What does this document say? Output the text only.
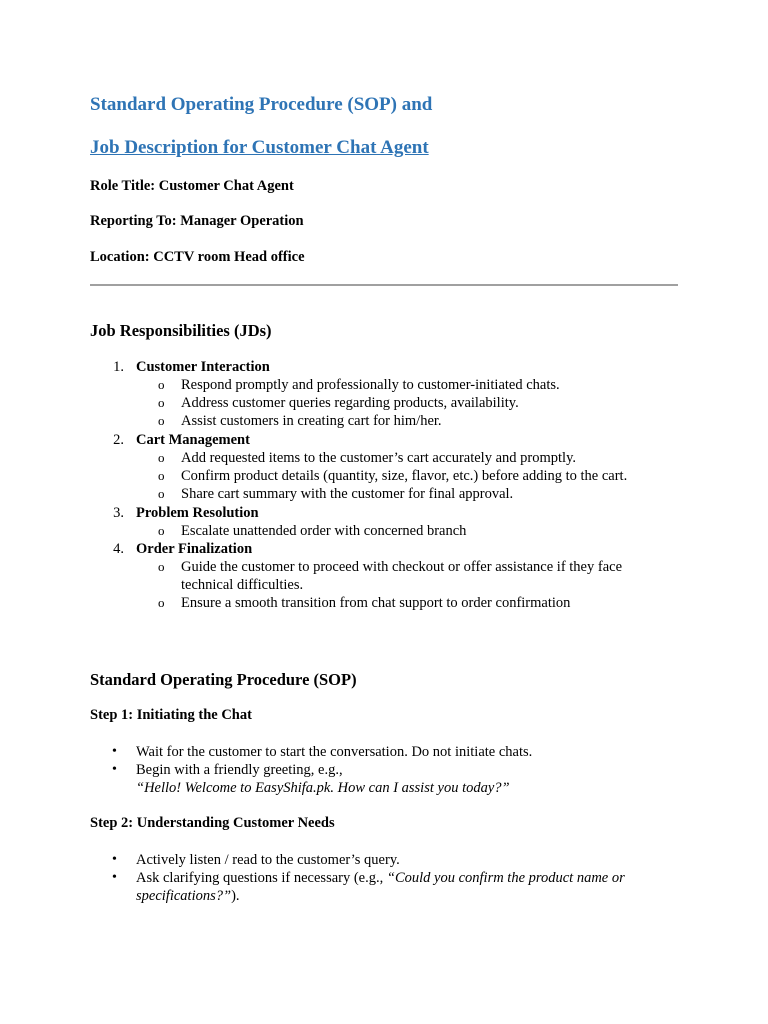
Standard Operating Procedure (SOP) and
Job Description for Customer Chat Agent
Role Title: Customer Chat Agent
Reporting To: Manager Operation
Location: CCTV room Head office
Job Responsibilities (JDs)
1. Customer Interaction
o Respond promptly and professionally to customer-initiated chats.
o Address customer queries regarding products, availability.
o Assist customers in creating cart for him/her.
2. Cart Management
o Add requested items to the customer’s cart accurately and promptly.
o Confirm product details (quantity, size, flavor, etc.) before adding to the cart.
o Share cart summary with the customer for final approval.
3. Problem Resolution
o Escalate unattended order with concerned branch
4. Order Finalization
o Guide the customer to proceed with checkout or offer assistance if they face
technical difficulties.
o Ensure a smooth transition from chat support to order confirmation
Standard Operating Procedure (SOP)
Step 1: Initiating the Chat
• Wait for the customer to start the conversation. Do not initiate chats.
• Begin with a friendly greeting, e.g.,
“Hello! Welcome to EasyShifa.pk. How can I assist you today?”
Step 2: Understanding Customer Needs
• Actively listen / read to the customer’s query.
• Ask clarifying questions if necessary (e.g., “Could you confirm the product name or
specifications?”).
